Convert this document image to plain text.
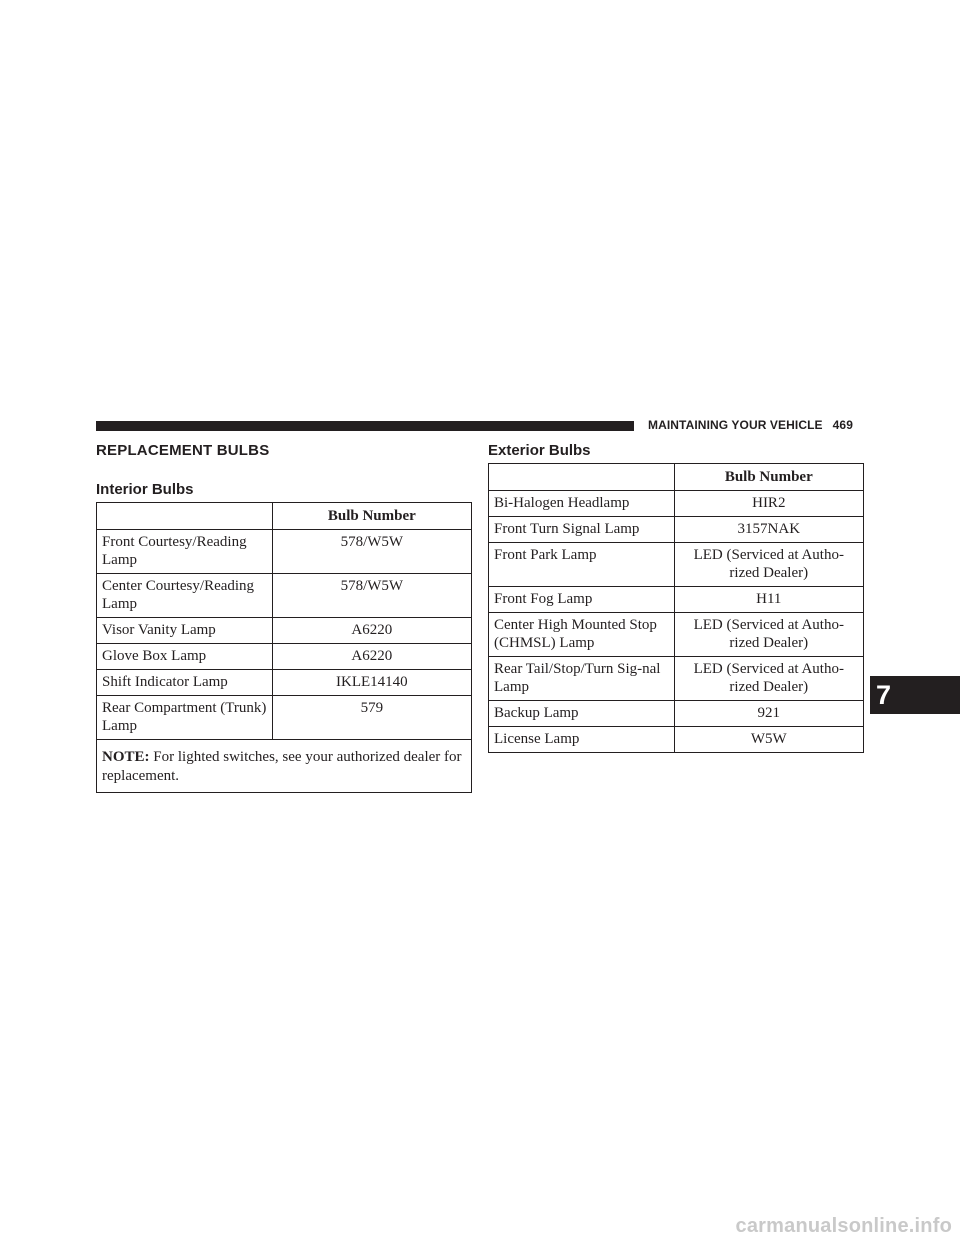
MAINTAINING YOUR VEHICLE 469
REPLACEMENT BULBS
Interior Bulbs
	Bulb Number
Front Courtesy/Reading Lamp	578/W5W
Center Courtesy/Reading Lamp	578/W5W
Visor Vanity Lamp	A6220
Glove Box Lamp	A6220
Shift Indicator Lamp	IKLE14140
Rear Compartment (Trunk) Lamp	579
NOTE: For lighted switches, see your authorized dealer for replacement.	
Exterior Bulbs
	Bulb Number
Bi-Halogen Headlamp	HIR2
Front Turn Signal Lamp	3157NAK
Front Park Lamp	LED (Serviced at Autho-rized Dealer)
Front Fog Lamp	H11
Center High Mounted Stop (CHMSL) Lamp	LED (Serviced at Autho-rized Dealer)
Rear Tail/Stop/Turn Sig-nal Lamp	LED (Serviced at Autho-rized Dealer)
Backup Lamp	921
License Lamp	W5W
7
carmanualsonline.info
